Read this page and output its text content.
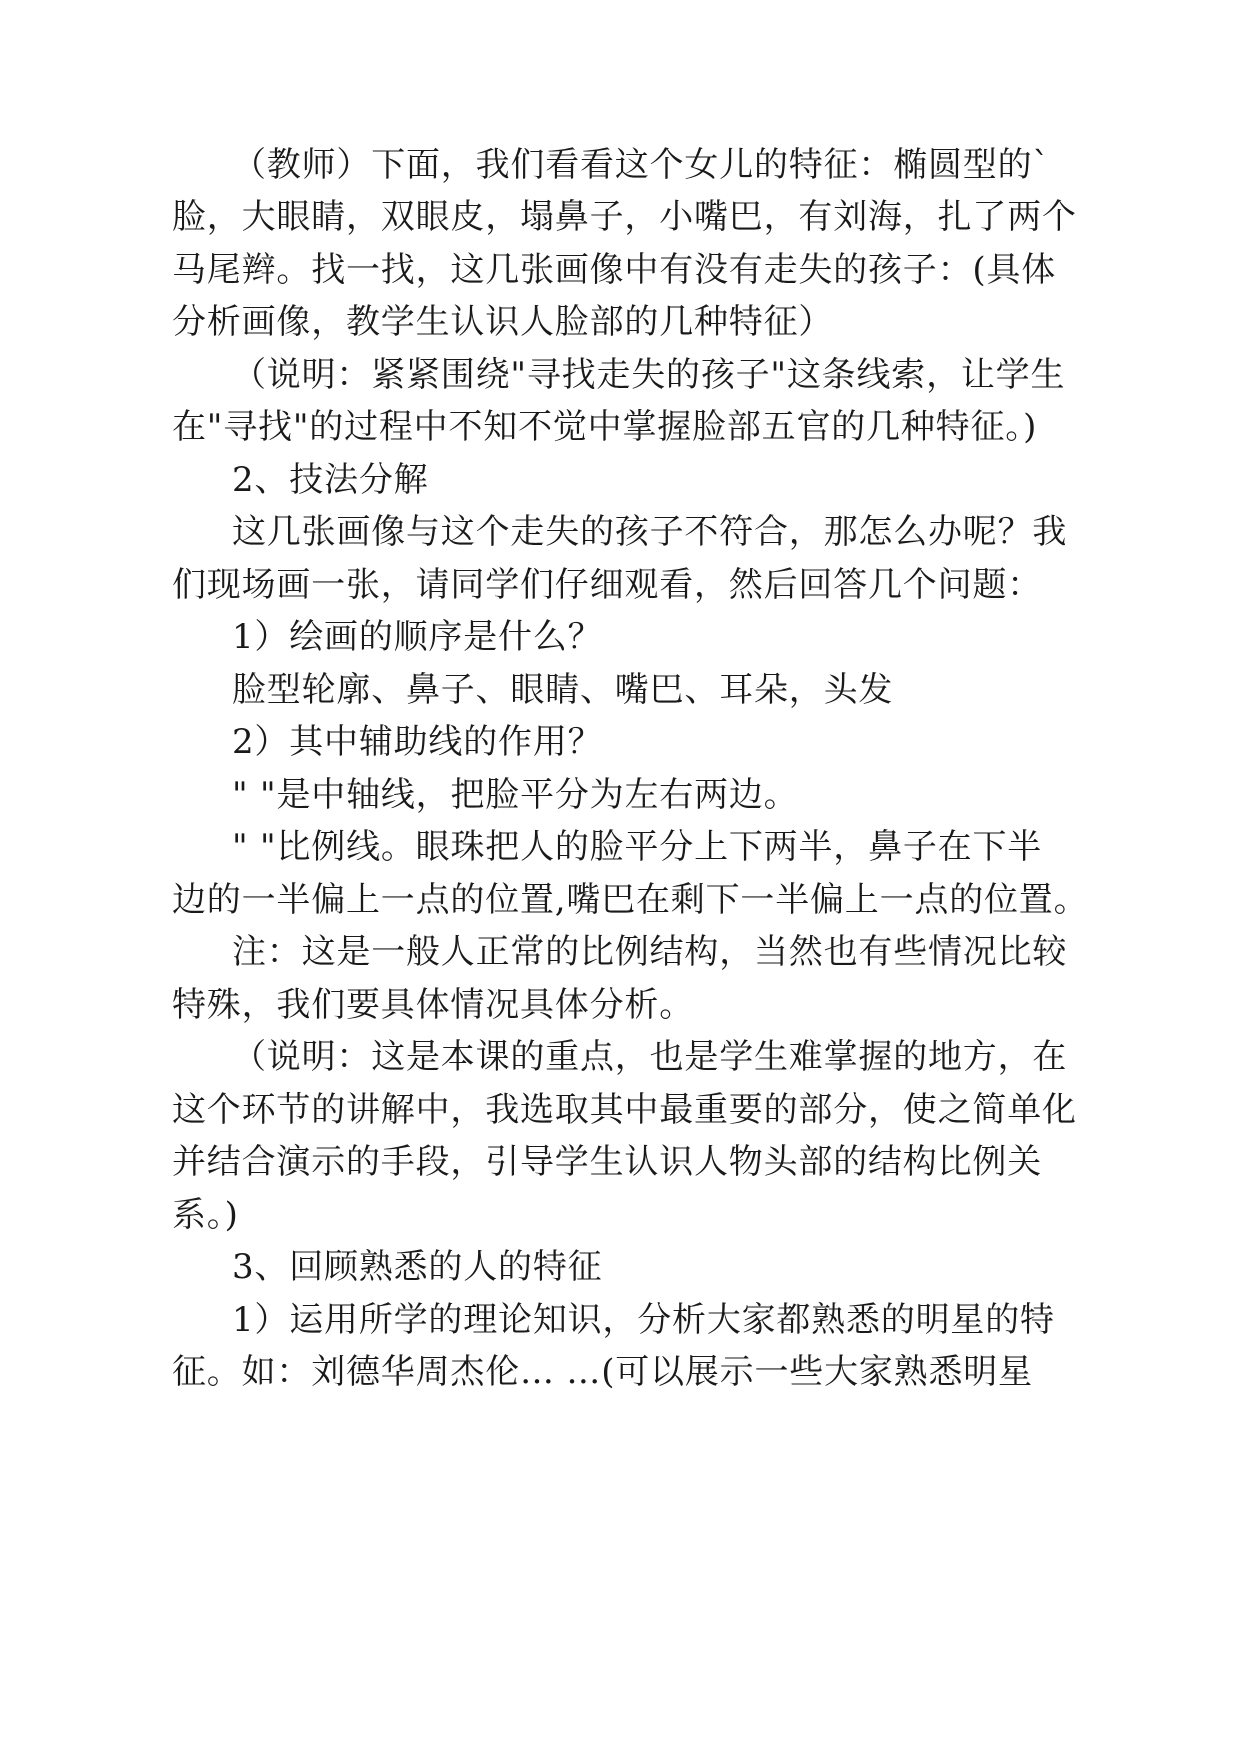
（教师）下面，我们看看这个女儿的特征：椭圆型的`
脸，大眼睛，双眼皮，塌鼻子，小嘴巴，有刘海，扎了两个
马尾辫。找一找，这几张画像中有没有走失的孩子：(具体
分析画像，教学生认识人脸部的几种特征）
（说明：紧紧围绕"寻找走失的孩子"这条线索，让学生
在"寻找"的过程中不知不觉中掌握脸部五官的几种特征。)
2、技法分解
这几张画像与这个走失的孩子不符合，那怎么办呢？我
们现场画一张，请同学们仔细观看，然后回答几个问题：
1）绘画的顺序是什么？
脸型轮廓、鼻子、眼睛、嘴巴、耳朵，头发
2）其中辅助线的作用？
" "是中轴线，把脸平分为左右两边。
" "比例线。眼珠把人的脸平分上下两半，鼻子在下半
边的一半偏上一点的位置,嘴巴在剩下一半偏上一点的位置。
注：这是一般人正常的比例结构，当然也有些情况比较
特殊，我们要具体情况具体分析。
（说明：这是本课的重点，也是学生难掌握的地方，在
这个环节的讲解中，我选取其中最重要的部分，使之简单化
并结合演示的手段，引导学生认识人物头部的结构比例关
系。)
3、回顾熟悉的人的特征
1）运用所学的理论知识，分析大家都熟悉的明星的特
征。如：刘德华周杰伦… …(可以展示一些大家熟悉明星
